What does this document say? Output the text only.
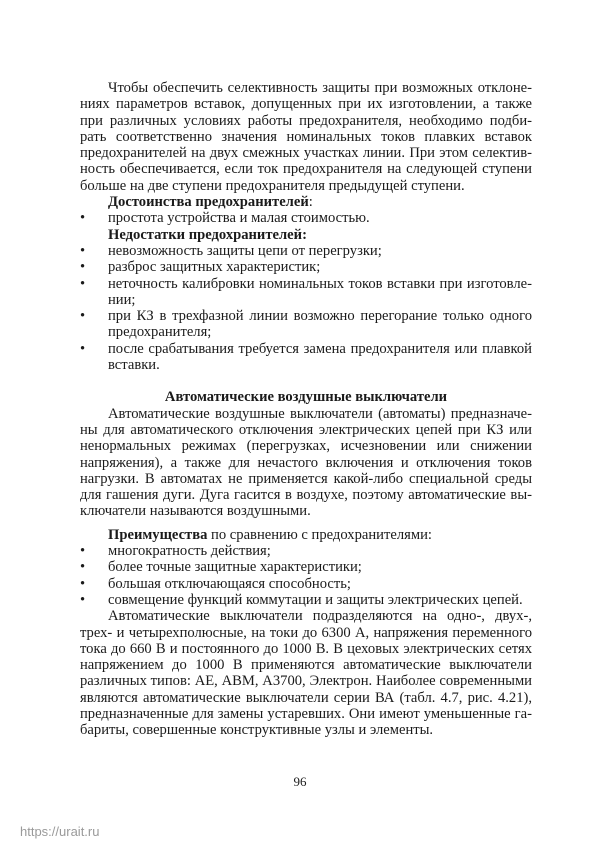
Чтобы обеспечить селективность защиты при возможных отклоне-
ниях параметров вставок, допущенных при их изготовлении, а также
при различных условиях работы предохранителя, необходимо подби-
рать соответственно значения номинальных токов плавких вставок
предохранителей на двух смежных участках линии. При этом селектив-
ность обеспечивается, если ток предохранителя на следующей ступени
больше на две ступени предохранителя предыдущей ступени.
Достоинства предохранителей:
• простота устройства и малая стоимостью.
Недостатки предохранителей:
• невозможность защиты цепи от перегрузки;
• разброс защитных характеристик;
• неточность калибровки номинальных токов вставки при изготовле-
нии;
• при КЗ в трехфазной линии возможно перегорание только одного
предохранителя;
• после срабатывания требуется замена предохранителя или плавкой
вставки.
Автоматические воздушные выключатели
Автоматические воздушные выключатели (автоматы) предназначе-
ны для автоматического отключения электрических цепей при КЗ или
ненормальных режимах (перегрузках, исчезновении или снижении
напряжения), а также для нечастого включения и отключения токов
нагрузки. В автоматах не применяется какой-либо специальной среды
для гашения дуги. Дуга гасится в воздухе, поэтому автоматические вы-
ключатели называются воздушными.
Преимущества по сравнению с предохранителями:
• многократность действия;
• более точные защитные характеристики;
• большая отключающаяся способность;
• совмещение функций коммутации и защиты электрических цепей.
Автоматические выключатели подразделяются на одно-, двух-,
трех- и четырехполюсные, на токи до 6300 А, напряжения переменного
тока до 660 В и постоянного до 1000 В. В цеховых электрических сетях
напряжением до 1000 В применяются автоматические выключатели
различных типов: АЕ, АВМ, А3700, Электрон. Наиболее современными
являются автоматические выключатели серии ВА (табл. 4.7, рис. 4.21),
предназначенные для замены устаревших. Они имеют уменьшенные га-
бариты, совершенные конструктивные узлы и элементы.
96
https://urait.ru
